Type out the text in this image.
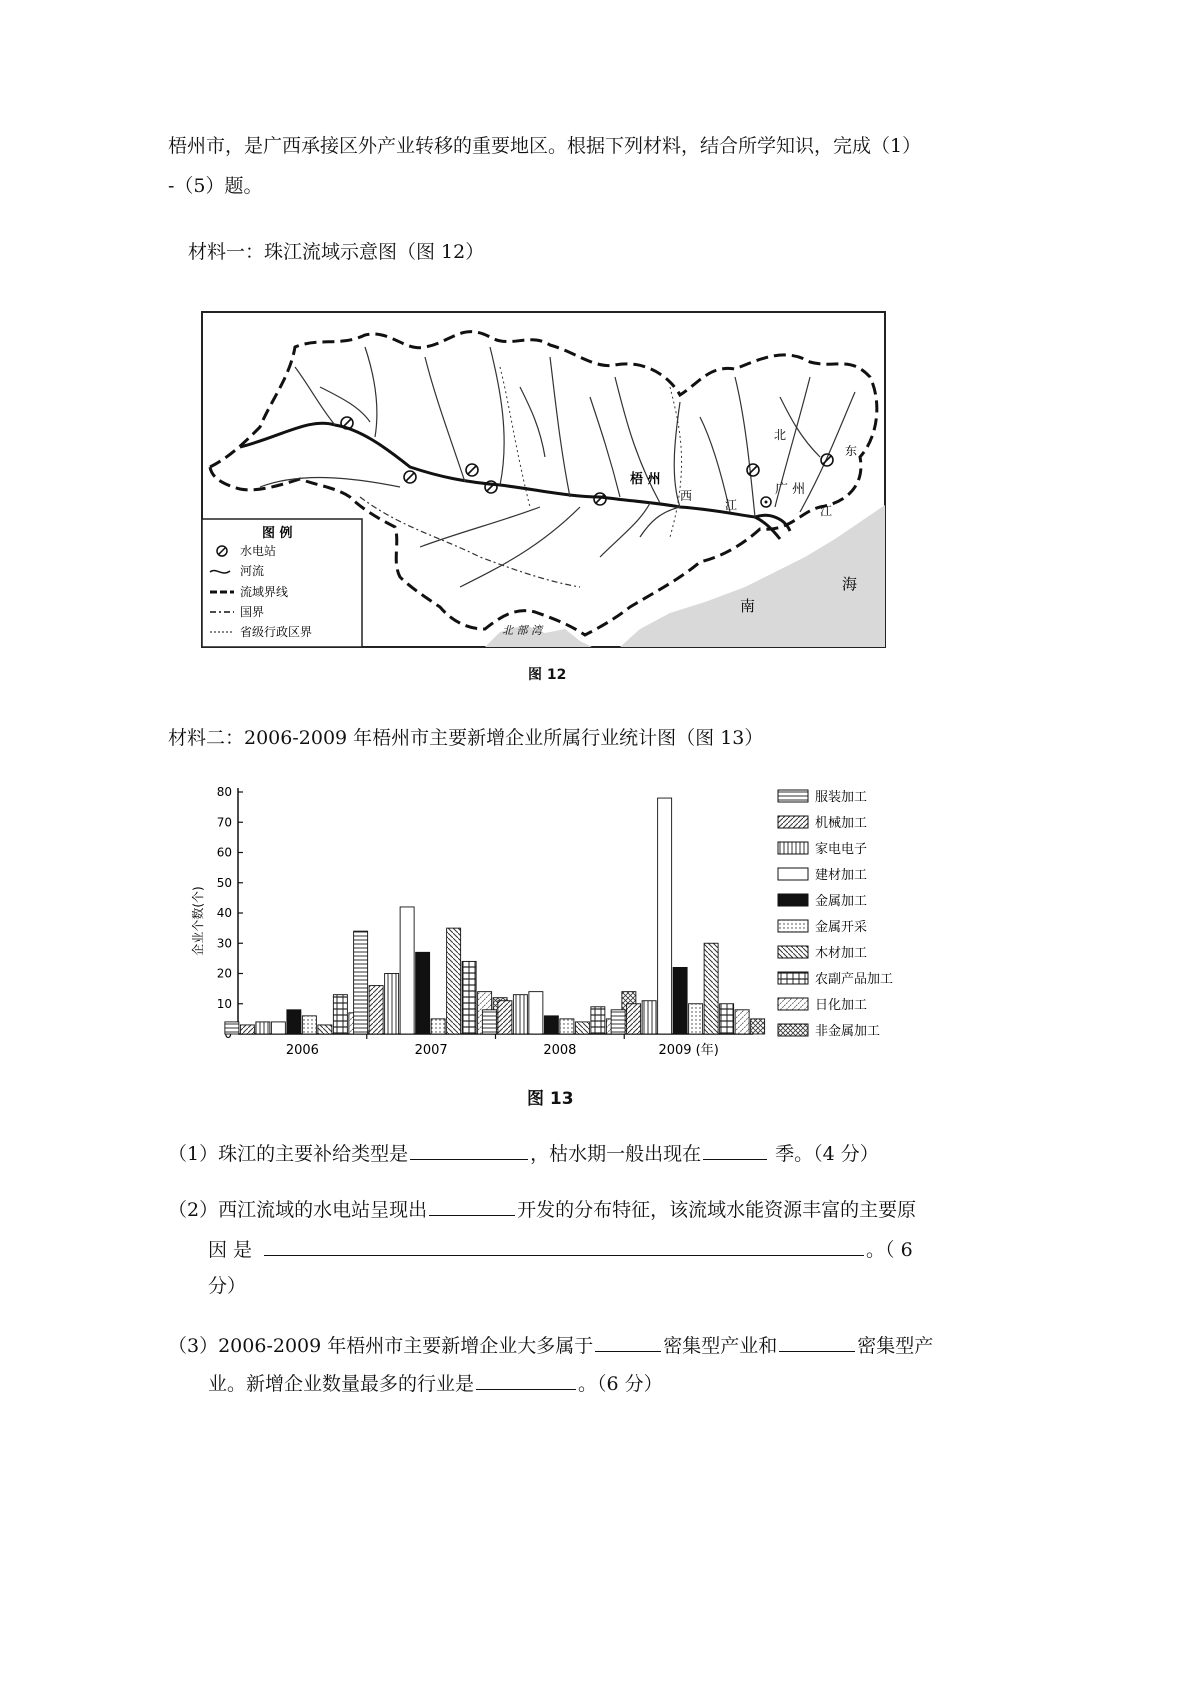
梧州市，是广西承接区外产业转移的重要地区。根据下列材料，结合所学知识，完成（1）
-（5）题。
材料一：珠江流域示意图（图 12）
梧 州
西
江
广 州
北
东
江
南
海
北 部 湾
图 例
水电站
河流
流域界线
国界
省级行政区界
图 12
材料二：2006-2009 年梧州市主要新增企业所属行业统计图（图 13）
企业个数(个)
10
20
30
40
50
60
70
80
2006	2007	2008	2009 (年)
服装加工
机械加工
家电电子
建材加工
金属加工
金属开采
木材加工
农副产品加工
日化加工
非金属加工
图 13
（1）珠江的主要补给类型是	，枯水期一般出现在	季。（4 分）
（2）西江流域的水电站呈现出	开发的分布特征，该流域水能资源丰富的主要原
因 是	。（ 6
分）
（3）2006-2009 年梧州市主要新增企业大多属于	密集型产业和	密集型产
业。新增企业数量最多的行业是	。（6 分）
